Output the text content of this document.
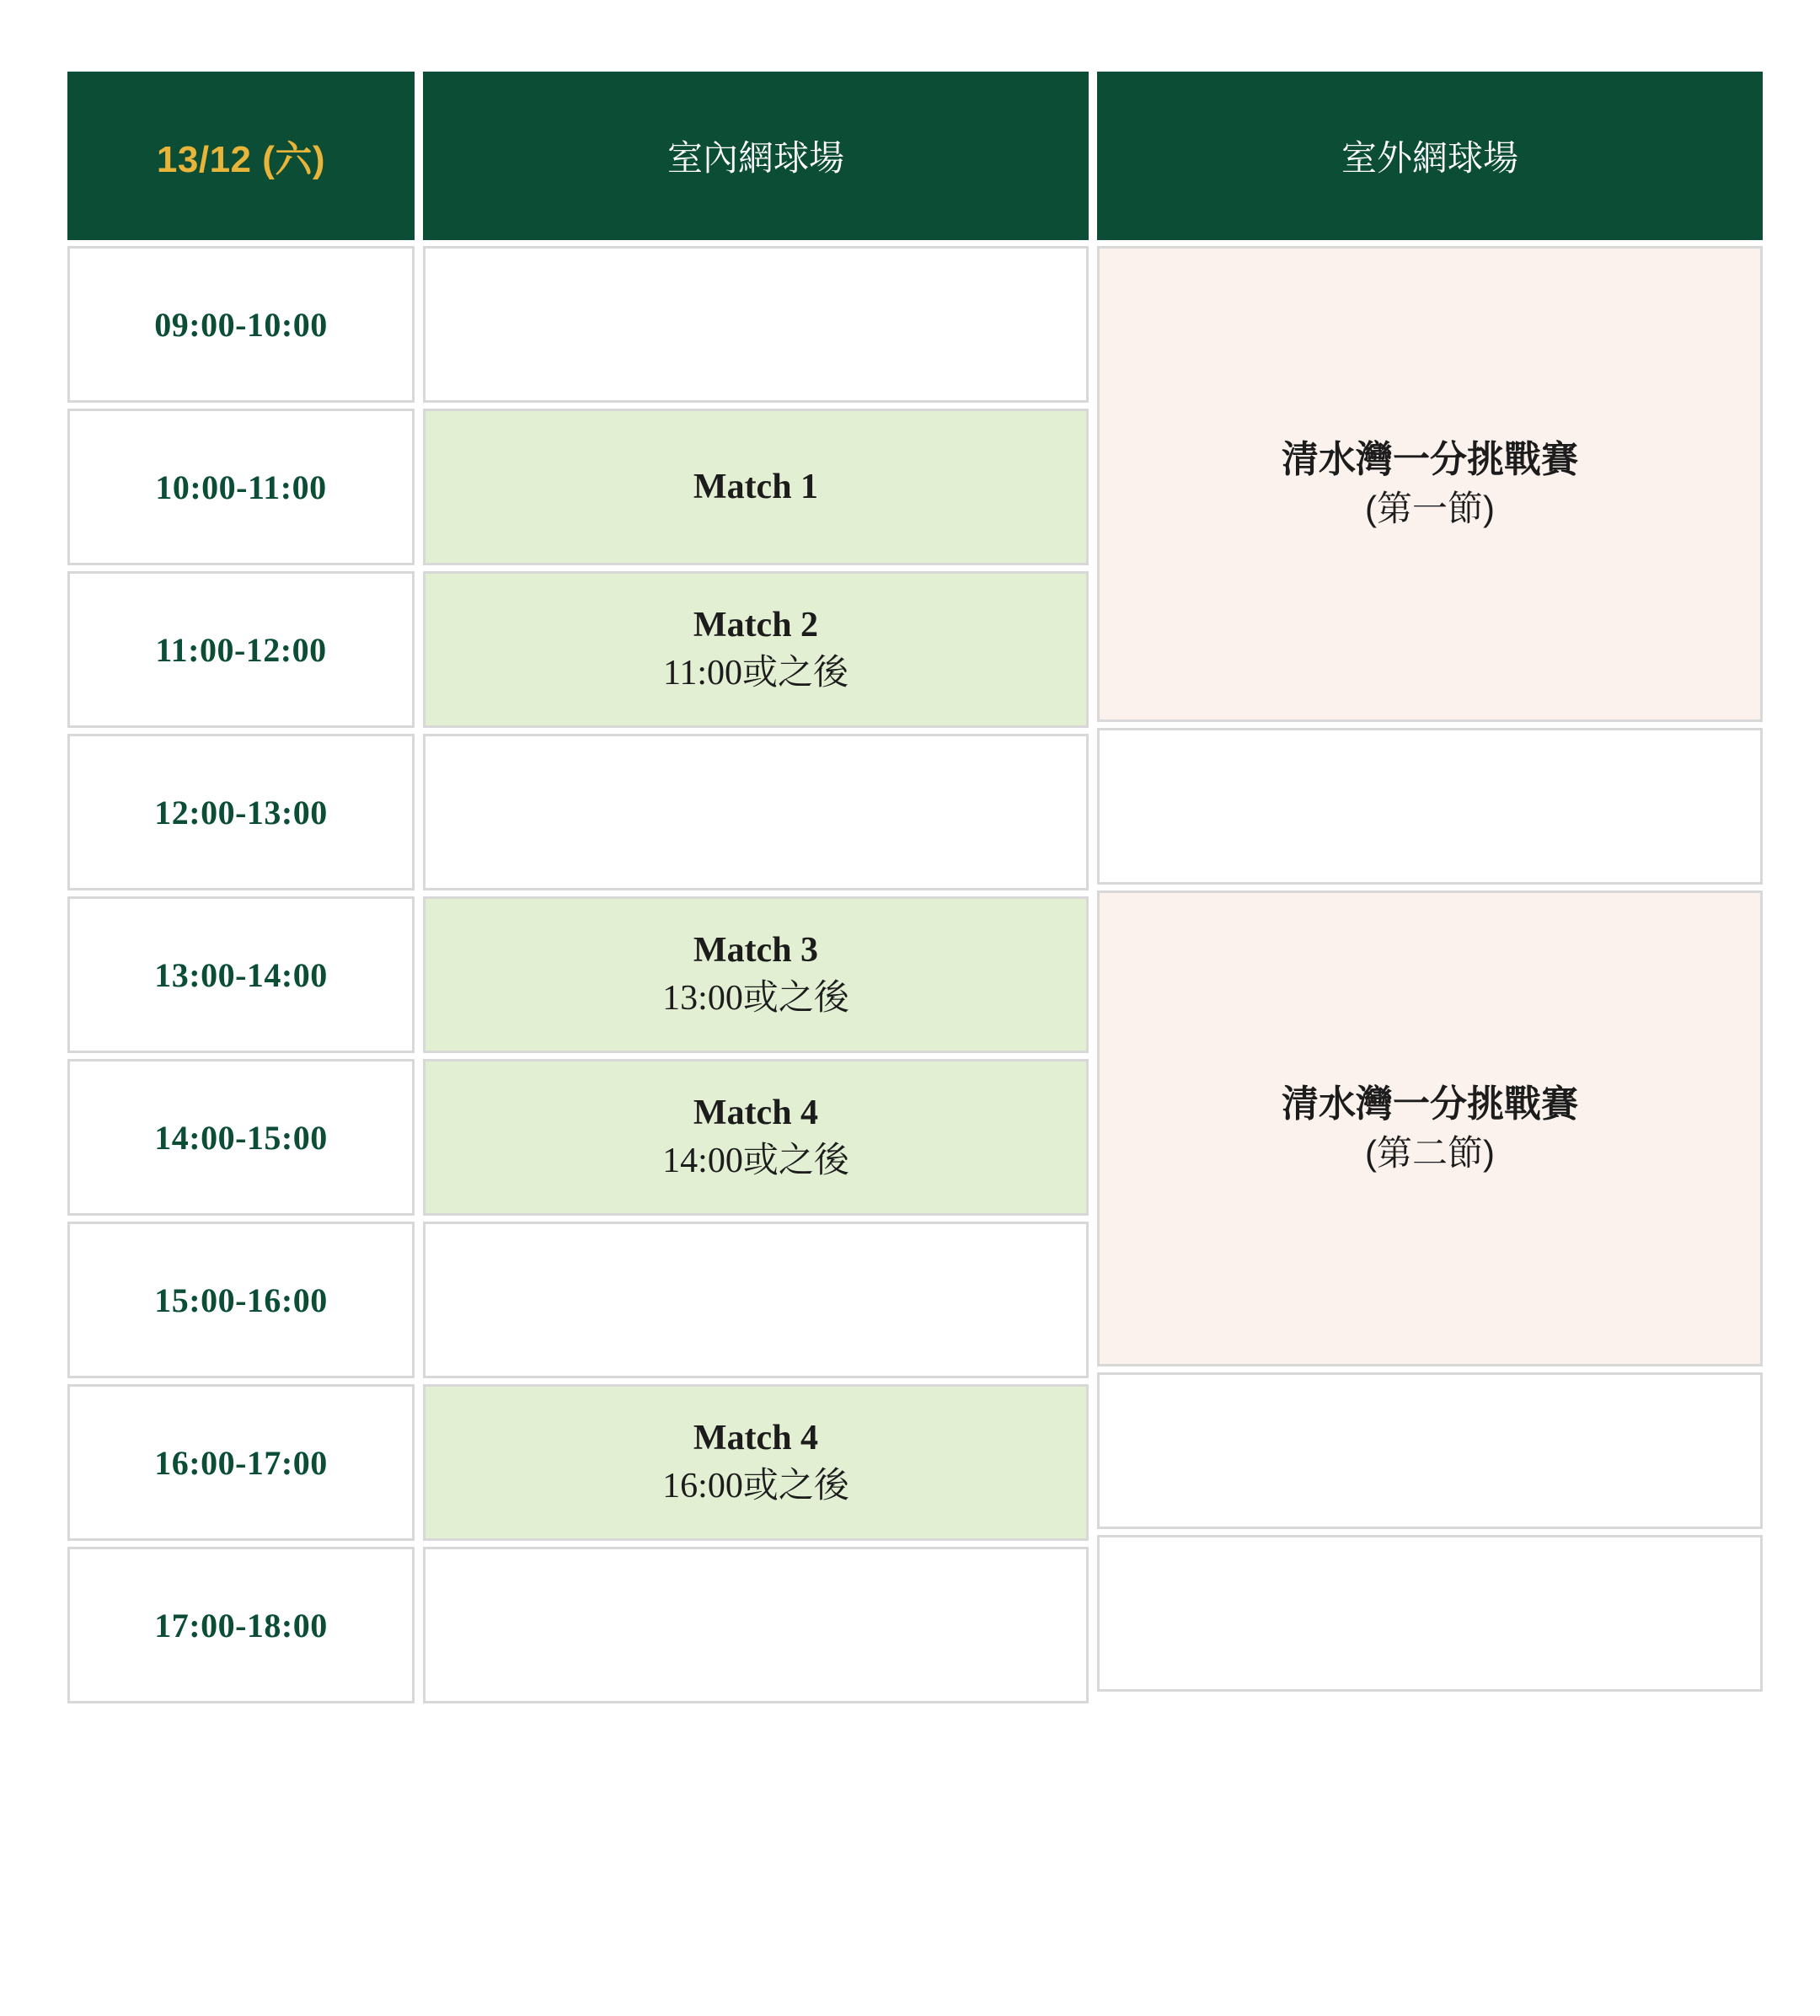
13/12 (六)	室內網球場	室外網球場
09:00-10:00
10:00-11:00
11:00-12:00
12:00-13:00
13:00-14:00
14:00-15:00
15:00-16:00
16:00-17:00
17:00-18:00
Match 1
Match 2
11:00或之後
Match 3
13:00或之後
Match 4
14:00或之後
Match 4
16:00或之後
清水灣一分挑戰賽
(第一節)
清水灣一分挑戰賽
(第二節)
